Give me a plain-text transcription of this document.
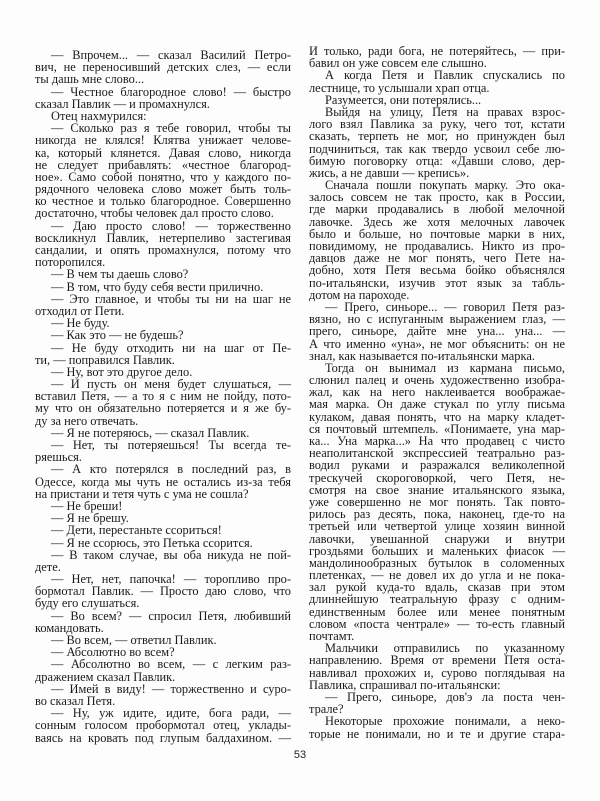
— Впрочем... — сказал Василий Петро-
вич, не переносивший детских слез, — если
ты дашь мне слово...
— Честное благородное слово! — быстро
сказал Павлик — и промахнулся.
Отец нахмурился:
— Сколько раз я тебе говорил, чтобы ты
никогда не клялся! Клятва унижает челове-
ка, который клянется. Давая слово, никогда
не следует прибавлять: «честное благород-
ное». Само собой понятно, что у каждого по-
рядочного человека слово может быть толь-
ко честное и только благородное. Совершенно
достаточно, чтобы человек дал просто слово.
— Даю просто слово! — торжественно
воскликнул Павлик, нетерпеливо застегивая
сандалии, и опять промахнулся, потому что
поторопился.
— В чем ты даешь слово?
— В том, что буду себя вести прилично.
— Это главное, и чтобы ты ни на шаг не
отходил от Пети.
— Не буду.
— Как это — не будешь?
— Не буду отходить ни на шаг от Пе-
ти, — поправился Павлик.
— Ну, вот это другое дело.
— И пусть он меня будет слушаться, —
вставил Петя, — а то я с ним не пойду, пото-
му что он обязательно потеряется и я же бу-
ду за него отвечать.
— Я не потеряюсь, — сказал Павлик.
— Нет, ты потеряешься! Ты всегда те-
ряешься.
— А кто потерялся в последний раз, в
Одессе, когда мы чуть не остались из-за тебя
на пристани и тетя чуть с ума не сошла?
— Не бреши!
— Я не брешу.
— Дети, перестаньте ссориться!
— Я не ссорюсь, это Петька ссорится.
— В таком случае, вы оба никуда не пой-
дете.
— Нет, нет, папочка! — торопливо про-
бормотал Павлик. — Просто даю слово, что
буду его слушаться.
— Во всем? — спросил Петя, любивший
командовать.
— Во всем, — ответил Павлик.
— Абсолютно во всем?
— Абсолютно во всем, — с легким раз-
дражением сказал Павлик.
— Имей в виду! — торжественно и суро-
во сказал Петя.
— Ну, уж идите, идите, бога ради, —
сонным голосом пробормотал отец, уклады-
ваясь на кровать под глупым балдахином. —
И только, ради бога, не потеряйтесь, — при-
бавил он уже совсем еле слышно.
А когда Петя и Павлик спускались по
лестнице, то услышали храп отца.
Разумеется, они потерялись...
Выйдя на улицу, Петя на правах взрос-
лого взял Павлика за руку, чего тот, кстати
сказать, терпеть не мог, но принужден был
подчиниться, так как твердо усвоил себе лю-
бимую поговорку отца: «Давши слово, дер-
жись, а не давши — крепись».
Сначала пошли покупать марку. Это ока-
залось совсем не так просто, как в России,
где марки продавались в любой мелочной
лавочке. Здесь же хотя мелочных лавочек
было и больше, но почтовые марки в них,
повидимому, не продавались. Никто из про-
давцов даже не мог понять, чего Пете на-
добно, хотя Петя весьма бойко объяснялся
по-итальянски, изучив этот язык за табль-
дотом на пароходе.
— Прего, синьоре... — говорил Петя раз-
вязно, но с испуганным выражением глаз, —
прего, синьоре, дайте мне уна... уна... —
А что именно «уна», не мог объяснить: он не
знал, как называется по-итальянски марка.
Тогда он вынимал из кармана письмо,
слюнил палец и очень художественно изобра-
жал, как на него наклеивается воображае-
мая марка. Он даже стукал по углу письма
кулаком, давая понять, что на марку кладет-
ся почтовый штемпель. «Понимаете, уна мар-
ка... Уна марка...» На что продавец с чисто
неаполитанской экспрессией театрально раз-
водил руками и разражался великолепной
трескучей скороговоркой, чего Петя, не-
смотря на свое знание итальянского языка,
уже совершенно не мог понять. Так повто-
рилось раз десять, пока, наконец, где-то на
третьей или четвертой улице хозяин винной
лавочки, увешанной снаружи и внутри
гроздьями больших и маленьких фиасок —
мандолинообразных бутылок в соломенных
плетенках, — не довел их до угла и не пока-
зал рукой куда-то вдаль, сказав при этом
длиннейшую театральную фразу с одним-
единственным более или менее понятным
словом «поста чентрале» — то-есть главный
почтамт.
Мальчики отправились по указанному
направлению. Время от времени Петя оста-
навливал прохожих и, сурово поглядывая на
Павлика, спрашивал по-итальянски:
— Прего, синьоре, дов'э ла поста чен-
трале?
Некоторые прохожие понимали, а неко-
торые не понимали, но и те и другие стара-
53
